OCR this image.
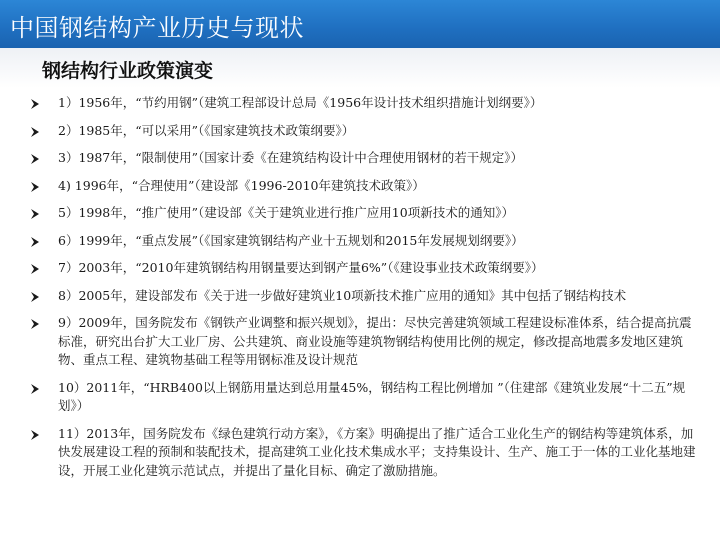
中国钢结构产业历史与现状
钢结构行业政策演变
1）1956年，“节约用钢”（建筑工程部设计总局《1956年设计技术组织措施计划纲要》）
2）1985年，“可以采用”（《国家建筑技术政策纲要》）
3）1987年，“限制使用”（国家计委《在建筑结构设计中合理使用钢材的若干规定》）
4) 1996年，“合理使用”（建设部《1996-2010年建筑技术政策》）
5）1998年，“推广使用”（建设部《关于建筑业进行推广应用10项新技术的通知》）
6）1999年，“重点发展”（《国家建筑钢结构产业十五规划和2015年发展规划纲要》）
7）2003年，“2010年建筑钢结构用钢量要达到钢产量6%”（《建设事业技术政策纲要》）
8）2005年，建设部发布《关于进一步做好建筑业10项新技术推广应用的通知》其中包括了钢结构技术
9）2009年，国务院发布《钢铁产业调整和振兴规划》，提出：尽快完善建筑领域工程建设标准体系，结合提高抗震标准，研究出台扩大工业厂房、公共建筑、商业设施等建筑物钢结构使用比例的规定，修改提高地震多发地区建筑物、重点工程、建筑物基础工程等用钢标准及设计规范
10）2011年，“HRB400以上钢筋用量达到总用量45%，钢结构工程比例增加 ”（住建部《建筑业发展“十二五”规划》）
11）2013年，国务院发布《绿色建筑行动方案》，《方案》明确提出了推广适合工业化生产的钢结构等建筑体系，加快发展建设工程的预制和装配技术，提高建筑工业化技术集成水平；支持集设计、生产、施工于一体的工业化基地建设，开展工业化建筑示范试点，并提出了量化目标、确定了激励措施。
